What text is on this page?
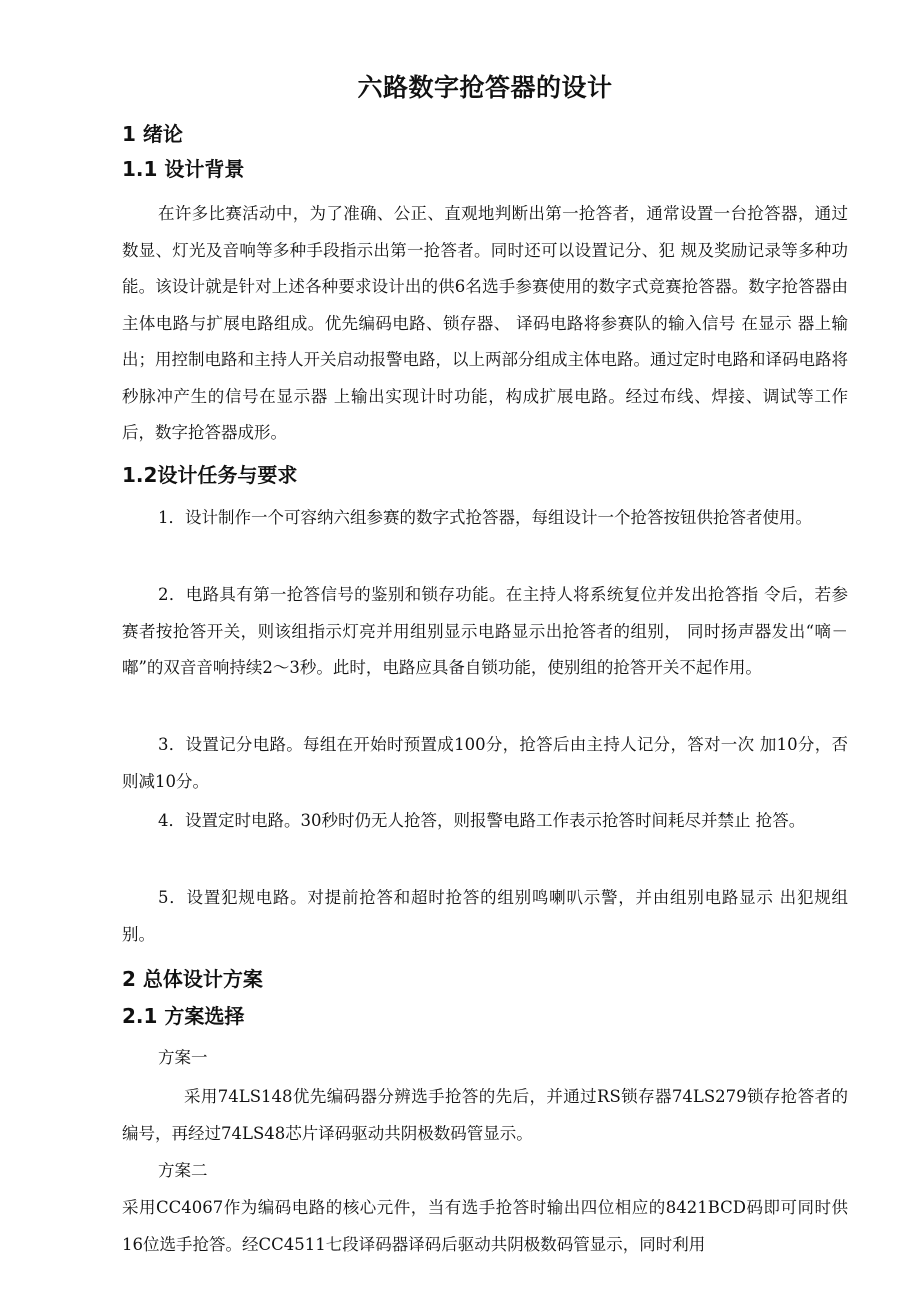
六路数字抢答器的设计
1 绪论
1.1 设计背景

在许多比赛活动中，为了准确、公正、直观地判断出第一抢答者，通常设置一台抢答器，通过数显、灯光及音响等多种手段指示出第一抢答者。同时还可以设置记分、犯 规及奖励记录等多种功能。该设计就是针对上述各种要求设计出的供6名选手参赛使用的数字式竞赛抢答器。数字抢答器由主体电路与扩展电路组成。优先编码电路、锁存器、 译码电路将参赛队的输入信号 在显示 器上输出；用控制电路和主持人开关启动报警电路，以上两部分组成主体电路。通过定时电路和译码电路将秒脉冲产生的信号在显示器 上输出实现计时功能，构成扩展电路。经过布线、焊接、调试等工作后，数字抢答器成形。

1.2设计任务与要求

1．设计制作一个可容纳六组参赛的数字式抢答器，每组设计一个抢答按钮供抢答者使用。

2．电路具有第一抢答信号的鉴别和锁存功能。在主持人将系统复位并发出抢答指 令后，若参赛者按抢答开关，则该组指示灯亮并用组别显示电路显示出抢答者的组别， 同时扬声器发出“嘀－嘟”的双音音响持续2～3秒。此时，电路应具备自锁功能，使别组的抢答开关不起作用。

3．设置记分电路。每组在开始时预置成100分，抢答后由主持人记分，答对一次 加10分，否则减10分。

4．设置定时电路。30秒时仍无人抢答，则报警电路工作表示抢答时间耗尽并禁止 抢答。

5．设置犯规电路。对提前抢答和超时抢答的组别鸣喇叭示警，并由组别电路显示 出犯规组别。

2 总体设计方案
2.1 方案选择

方案一

采用74LS148优先编码器分辨选手抢答的先后，并通过RS锁存器74LS279锁存抢答者的编号，再经过74LS48芯片译码驱动共阴极数码管显示。

方案二

采用CC4067作为编码电路的核心元件，当有选手抢答时输出四位相应的8421BCD码即可同时供16位选手抢答。经CC4511七段译码器译码后驱动共阴极数码管显示，同时利用
